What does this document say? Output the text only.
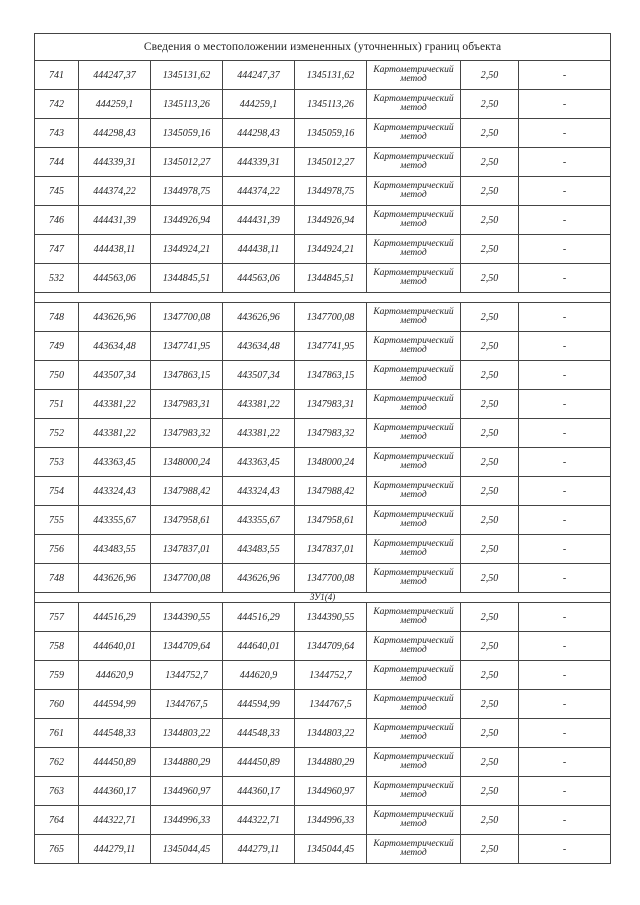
Сведения о местоположении измененных (уточненных) границ объекта							
741	444247,37	1345131,62	444247,37	1345131,62	Картометрический метод	2,50	-
742	444259,1	1345113,26	444259,1	1345113,26	Картометрический метод	2,50	-
743	444298,43	1345059,16	444298,43	1345059,16	Картометрический метод	2,50	-
744	444339,31	1345012,27	444339,31	1345012,27	Картометрический метод	2,50	-
745	444374,22	1344978,75	444374,22	1344978,75	Картометрический метод	2,50	-
746	444431,39	1344926,94	444431,39	1344926,94	Картометрический метод	2,50	-
747	444438,11	1344924,21	444438,11	1344924,21	Картометрический метод	2,50	-
532	444563,06	1344845,51	444563,06	1344845,51	Картометрический метод	2,50	-

748	443626,96	1347700,08	443626,96	1347700,08	Картометрический метод	2,50	-
749	443634,48	1347741,95	443634,48	1347741,95	Картометрический метод	2,50	-
750	443507,34	1347863,15	443507,34	1347863,15	Картометрический метод	2,50	-
751	443381,22	1347983,31	443381,22	1347983,31	Картометрический метод	2,50	-
752	443381,22	1347983,32	443381,22	1347983,32	Картометрический метод	2,50	-
753	443363,45	1348000,24	443363,45	1348000,24	Картометрический метод	2,50	-
754	443324,43	1347988,42	443324,43	1347988,42	Картометрический метод	2,50	-
755	443355,67	1347958,61	443355,67	1347958,61	Картометрический метод	2,50	-
756	443483,55	1347837,01	443483,55	1347837,01	Картометрический метод	2,50	-
748	443626,96	1347700,08	443626,96	1347700,08	Картометрический метод	2,50	-
ЗУ1(4)							
757	444516,29	1344390,55	444516,29	1344390,55	Картометрический метод	2,50	-
758	444640,01	1344709,64	444640,01	1344709,64	Картометрический метод	2,50	-
759	444620,9	1344752,7	444620,9	1344752,7	Картометрический метод	2,50	-
760	444594,99	1344767,5	444594,99	1344767,5	Картометрический метод	2,50	-
761	444548,33	1344803,22	444548,33	1344803,22	Картометрический метод	2,50	-
762	444450,89	1344880,29	444450,89	1344880,29	Картометрический метод	2,50	-
763	444360,17	1344960,97	444360,17	1344960,97	Картометрический метод	2,50	-
764	444322,71	1344996,33	444322,71	1344996,33	Картометрический метод	2,50	-
765	444279,11	1345044,45	444279,11	1345044,45	Картометрический метод	2,50	-
